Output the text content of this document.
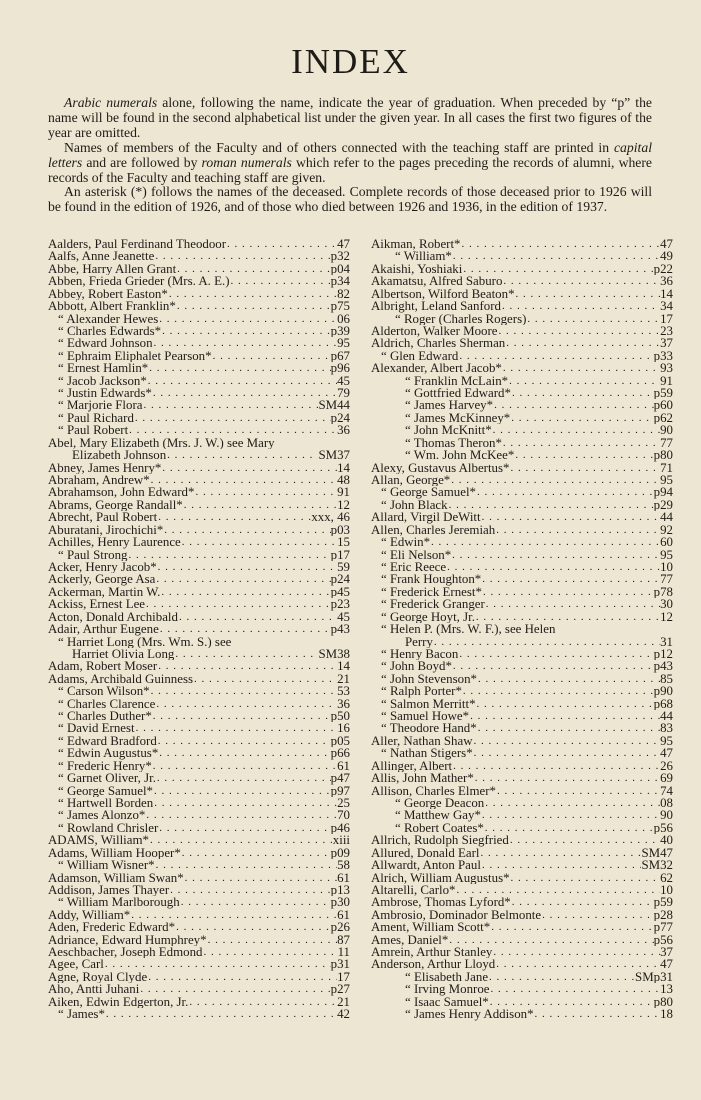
INDEX

Arabic numerals alone, following the name, indicate the year of graduation. When preceded by “p” the name will be found in the second alphabetical list under the given year. In all cases the first two figures of the year are omitted.

Names of members of the Faculty and of others connected with the teaching staff are printed in capital letters and are followed by roman numerals which refer to the pages preceding the records of alumni, where records of the Faculty and teaching staff are given.

An asterisk (*) follows the names of the deceased. Complete records of those deceased prior to 1926 will be found in the edition of 1926, and of those who died between 1926 and 1936, in the edition of 1937.

Aalders, Paul Ferdinand Theodoor . . .	47
Aalfs, Anne Jeanette . . .	p32
Abbe, Harry Allen Grant . . .	p04
Abben, Frieda Grieder (Mrs. A. E.) . . .	p34
Abbey, Robert Easton* . . .	82
Abbott, Albert Franklin* . . .	p75
“ Alexander Hewes . . .	06
“ Charles Edwards* . . .	p39
“ Edward Johnson . . .	95
“ Ephraim Eliphalet Pearson* . . .	p67
“ Ernest Hamlin* . . .	p96
“ Jacob Jackson* . . .	45
“ Justin Edwards* . . .	79
“ Marjorie Flora . . .	SM44
“ Paul Richard . . .	p24
“ Paul Robert . . .	36
Abel, Mary Elizabeth (Mrs. J. W.) see Mary
Elizabeth Johnson . . .	SM37
Abney, James Henry* . . .	14
Abraham, Andrew* . . .	48
Abrahamson, John Edward* . . .	91
Abrams, George Randall* . . .	12
Abrecht, Paul Robert . . .	xxx, 46
Aburatani, Jirochichi* . . .	p03
Achilles, Henry Laurence . . .	15
“ Paul Strong . . .	p17
Acker, Henry Jacob* . . .	59
Ackerly, George Asa . . .	p24
Ackerman, Martin W. . . .	p45
Ackiss, Ernest Lee . . .	p23
Acton, Donald Archibald . . .	45
Adair, Arthur Eugene . . .	p43
“ Harriet Long (Mrs. Wm. S.) see
Harriet Olivia Long . . .	SM38
Adam, Robert Moser . . .	14
Adams, Archibald Guinness . . .	21
“ Carson Wilson* . . .	53
“ Charles Clarence . . .	36
“ Charles Duther* . . .	p50
“ David Ernest . . .	16
“ Edward Bradford . . .	p05
“ Edwin Augustus* . . .	p66
“ Frederic Henry* . . .	61
“ Garnet Oliver, Jr. . . .	p47
“ George Samuel* . . .	p97
“ Hartwell Borden . . .	25
“ James Alonzo* . . .	70
“ Rowland Chrisler . . .	p46
ADAMS, William* . . .	xiii
Adams, William Hooper* . . .	p09
“ William Wisner* . . .	58
Adamson, William Swan* . . .	61
Addison, James Thayer . . .	p13
“ William Marlborough . . .	p30
Addy, William* . . .	61
Aden, Frederic Edward* . . .	p26
Adriance, Edward Humphrey* . . .	87
Aeschbacher, Joseph Edmond . . .	11
Agee, Carl . . .	p31
Agne, Royal Clyde . . .	17
Aho, Antti Juhani . . .	p27
Aiken, Edwin Edgerton, Jr. . . .	21
“ James* . . .	42
Aikman, Robert* . . .	47
“ William* . . .	49
Akaishi, Yoshiaki . . .	p22
Akamatsu, Alfred Saburo . . .	36
Albertson, Wilford Beaton* . . .	14
Albright, Leland Sanford . . .	34
“ Roger (Charles Rogers) . . .	17
Alderton, Walker Moore . . .	23
Aldrich, Charles Sherman . . .	37
“ Glen Edward . . .	p33
Alexander, Albert Jacob* . . .	93
“ Franklin McLain* . . .	91
“ Gottfried Edward* . . .	p59
“ James Harvey* . . .	p60
“ James McKinney* . . .	p62
“ John McKnitt* . . .	90
“ Thomas Theron* . . .	77
“ Wm. John McKee* . . .	p80
Alexy, Gustavus Albertus* . . .	71
Allan, George* . . .	95
“ George Samuel* . . .	p94
“ John Black . . .	p29
Allard, Virgil DeWitt . . .	44
Allen, Charles Jeremiah . . .	92
“ Edwin* . . .	60
“ Eli Nelson* . . .	95
“ Eric Reece . . .	10
“ Frank Houghton* . . .	77
“ Frederick Ernest* . . .	p78
“ Frederick Granger . . .	30
“ George Hoyt, Jr. . . .	12
“ Helen P. (Mrs. W. F.), see Helen
Perry . . .	31
“ Henry Bacon . . .	p12
“ John Boyd* . . .	p43
“ John Stevenson* . . .	85
“ Ralph Porter* . . .	p90
“ Salmon Merritt* . . .	p68
“ Samuel Howe* . . .	44
“ Theodore Hand* . . .	83
Aller, Nathan Shaw . . .	95
“ Nathan Stigers* . . .	47
Allinger, Albert . . .	26
Allis, John Mather* . . .	69
Allison, Charles Elmer* . . .	74
“ George Deacon . . .	08
“ Matthew Gay* . . .	90
“ Robert Coates* . . .	p56
Allrich, Rudolph Siegfried . . .	40
Allured, Donald Earl . . .	SM47
Allwardt, Anton Paul . . .	SM32
Alrich, William Augustus* . . .	62
Altarelli, Carlo* . . .	10
Ambrose, Thomas Lyford* . . .	p59
Ambrosio, Dominador Belmonte . . .	p28
Ament, William Scott* . . .	p77
Ames, Daniel* . . .	p56
Amrein, Arthur Stanley . . .	37
Anderson, Arthur Lloyd . . .	47
“ Elisabeth Jane . . .	SMp31
“ Irving Monroe . . .	13
“ Isaac Samuel* . . .	p80
“ James Henry Addison* . . .	18
